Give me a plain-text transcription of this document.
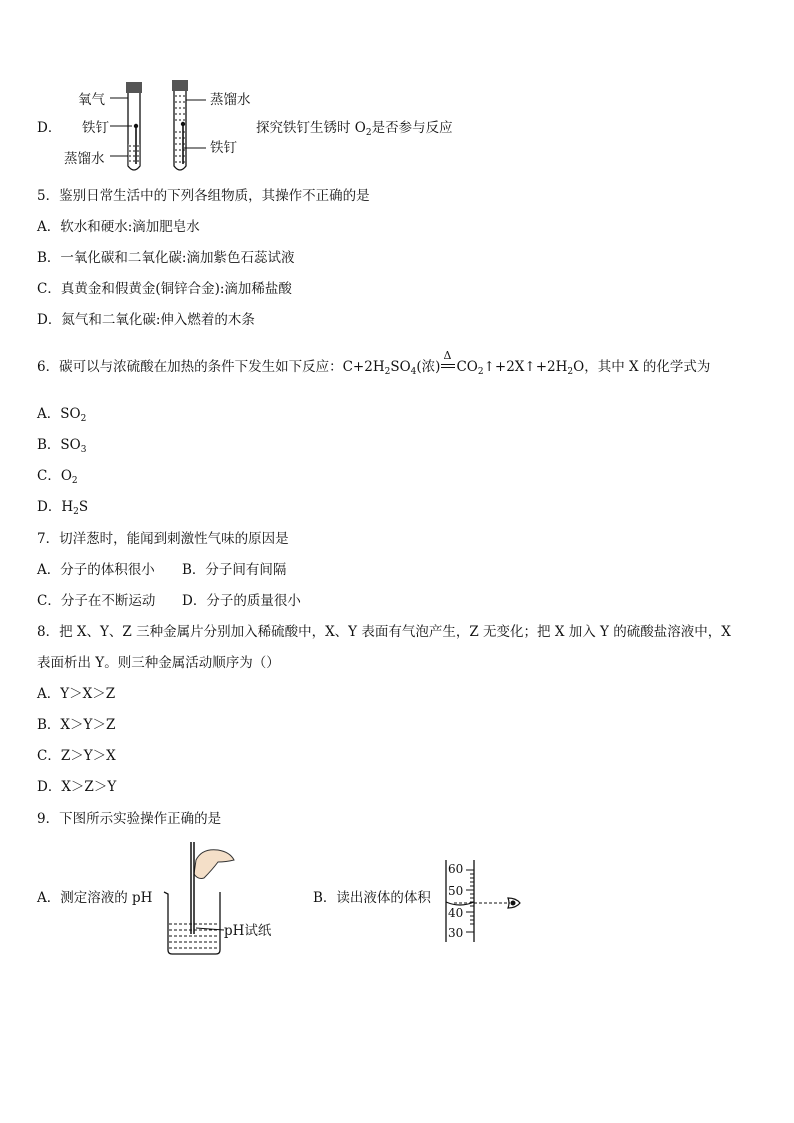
D．
氧气
铁钉
蒸馏水
蒸馏水
铁钉
探究铁钉生锈时 $O_2$是否参与反应
5．鉴别日常生活中的下列各组物质，其操作不正确的是
A．软水和硬水:滴加肥皂水
B．一氧化碳和二氧化碳:滴加紫色石蕊试液
C．真黄金和假黄金(铜锌合金):滴加稀盐酸
D．氮气和二氧化碳:伸入燃着的木条
6．碳可以与浓硫酸在加热的条件下发生如下反应：$C+2H_2SO_4$(浓)
Δ
$CO_2↑+2X↑+2H_2O$，其中 X 的化学式为
A．$SO_2$
B．$SO_3$
C．$O_2$
D．$H_2S$
7．切洋葱时，能闻到刺激性气味的原因是
A．分子的体积很小 B．分子间有间隔
C．分子在不断运动 D．分子的质量很小
8．把 X、Y、Z 三种金属片分别加入稀硫酸中，X、Y 表面有气泡产生，Z 无变化；把 X 加入 Y 的硫酸盐溶液中，X
表面析出 Y。则三种金属活动顺序为（）
A．Y＞X＞Z
B．X＞Y＞Z
C．Z＞Y＞X
D．X＞Z＞Y
9．下图所示实验操作正确的是
A．测定溶液的 pH
pH试纸
B．读出液体的体积
60
50
40
30
